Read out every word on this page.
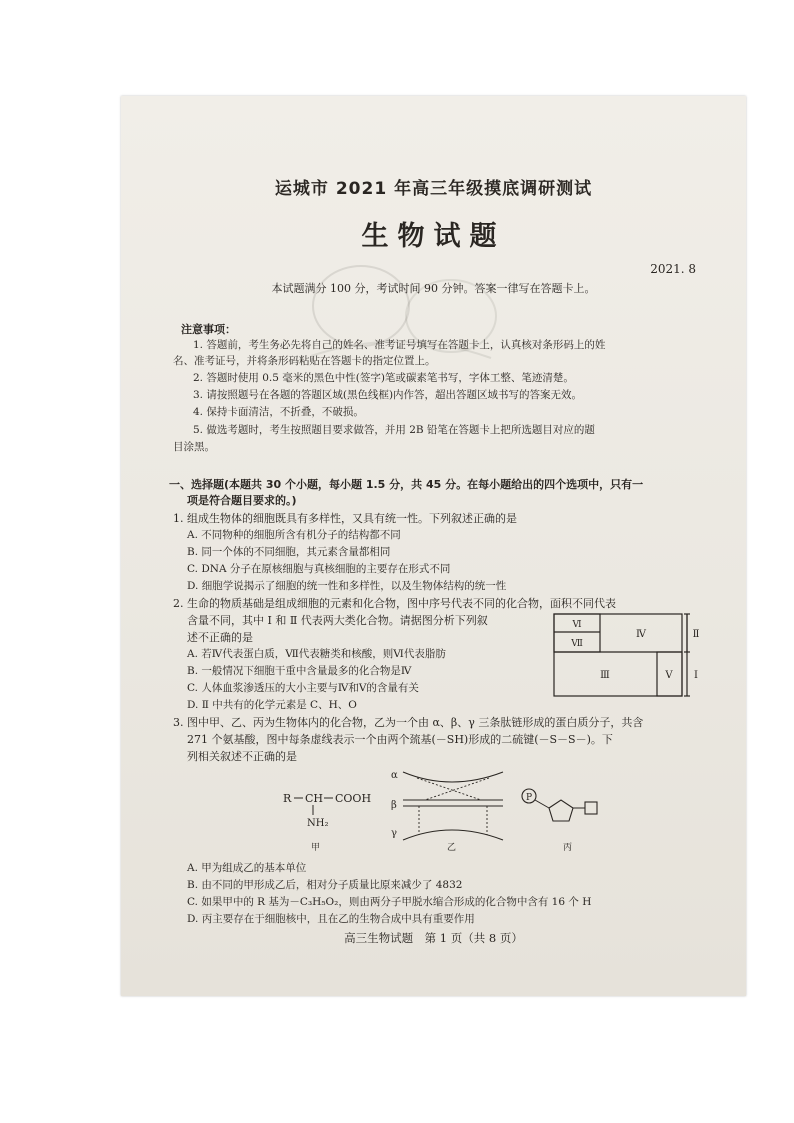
运城市 2021 年高三年级摸底调研测试
生物试题
2021. 8
本试题满分 100 分，考试时间 90 分钟。答案一律写在答题卡上。
注意事项：
1. 答题前，考生务必先将自己的姓名、准考证号填写在答题卡上，认真核对条形码上的姓
名、准考证号，并将条形码粘贴在答题卡的指定位置上。
2. 答题时使用 0.5 毫米的黑色中性(签字)笔或碳素笔书写，字体工整、笔迹清楚。
3. 请按照题号在各题的答题区域(黑色线框)内作答，超出答题区域书写的答案无效。
4. 保持卡面清洁，不折叠，不破损。
5. 做选考题时，考生按照题目要求做答，并用 2B 铅笔在答题卡上把所选题目对应的题
目涂黑。
一、选择题(本题共 30 个小题，每小题 1.5 分，共 45 分。在每小题给出的四个选项中，只有一
项是符合题目要求的。)
1. 组成生物体的细胞既具有多样性，又具有统一性。下列叙述正确的是
A. 不同物种的细胞所含有机分子的结构都不同
B. 同一个体的不同细胞，其元素含量都相同
C. DNA 分子在原核细胞与真核细胞的主要存在形式不同
D. 细胞学说揭示了细胞的统一性和多样性，以及生物体结构的统一性
2. 生命的物质基础是组成细胞的元素和化合物，图中序号代表不同的化合物，面积不同代表
含量不同，其中 Ⅰ 和 Ⅱ 代表两大类化合物。请据图分析下列叙
述不正确的是
A. 若Ⅳ代表蛋白质，Ⅶ代表糖类和核酸，则Ⅵ代表脂肪
B. 一般情况下细胞干重中含量最多的化合物是Ⅳ
C. 人体血浆渗透压的大小主要与Ⅳ和Ⅴ的含量有关
D. Ⅱ 中共有的化学元素是 C、H、O
Ⅵ
Ⅶ
Ⅳ
Ⅲ	Ⅴ
Ⅱ
Ⅰ
3. 图中甲、乙、丙为生物体内的化合物，乙为一个由 α、β、γ 三条肽链形成的蛋白质分子，共含
271 个氨基酸，图中每条虚线表示一个由两个巯基(－SH)形成的二硫键(－S－S－)。下
列相关叙述不正确的是
R CH COOH
NH₂
甲
α
β
γ
乙
P
丙
A. 甲为组成乙的基本单位
B. 由不同的甲形成乙后，相对分子质量比原来减少了 4832
C. 如果甲中的 R 基为－C₃H₅O₂，则由两分子甲脱水缩合形成的化合物中含有 16 个 H
D. 丙主要存在于细胞核中，且在乙的生物合成中具有重要作用
高三生物试题　第 1 页（共 8 页）
